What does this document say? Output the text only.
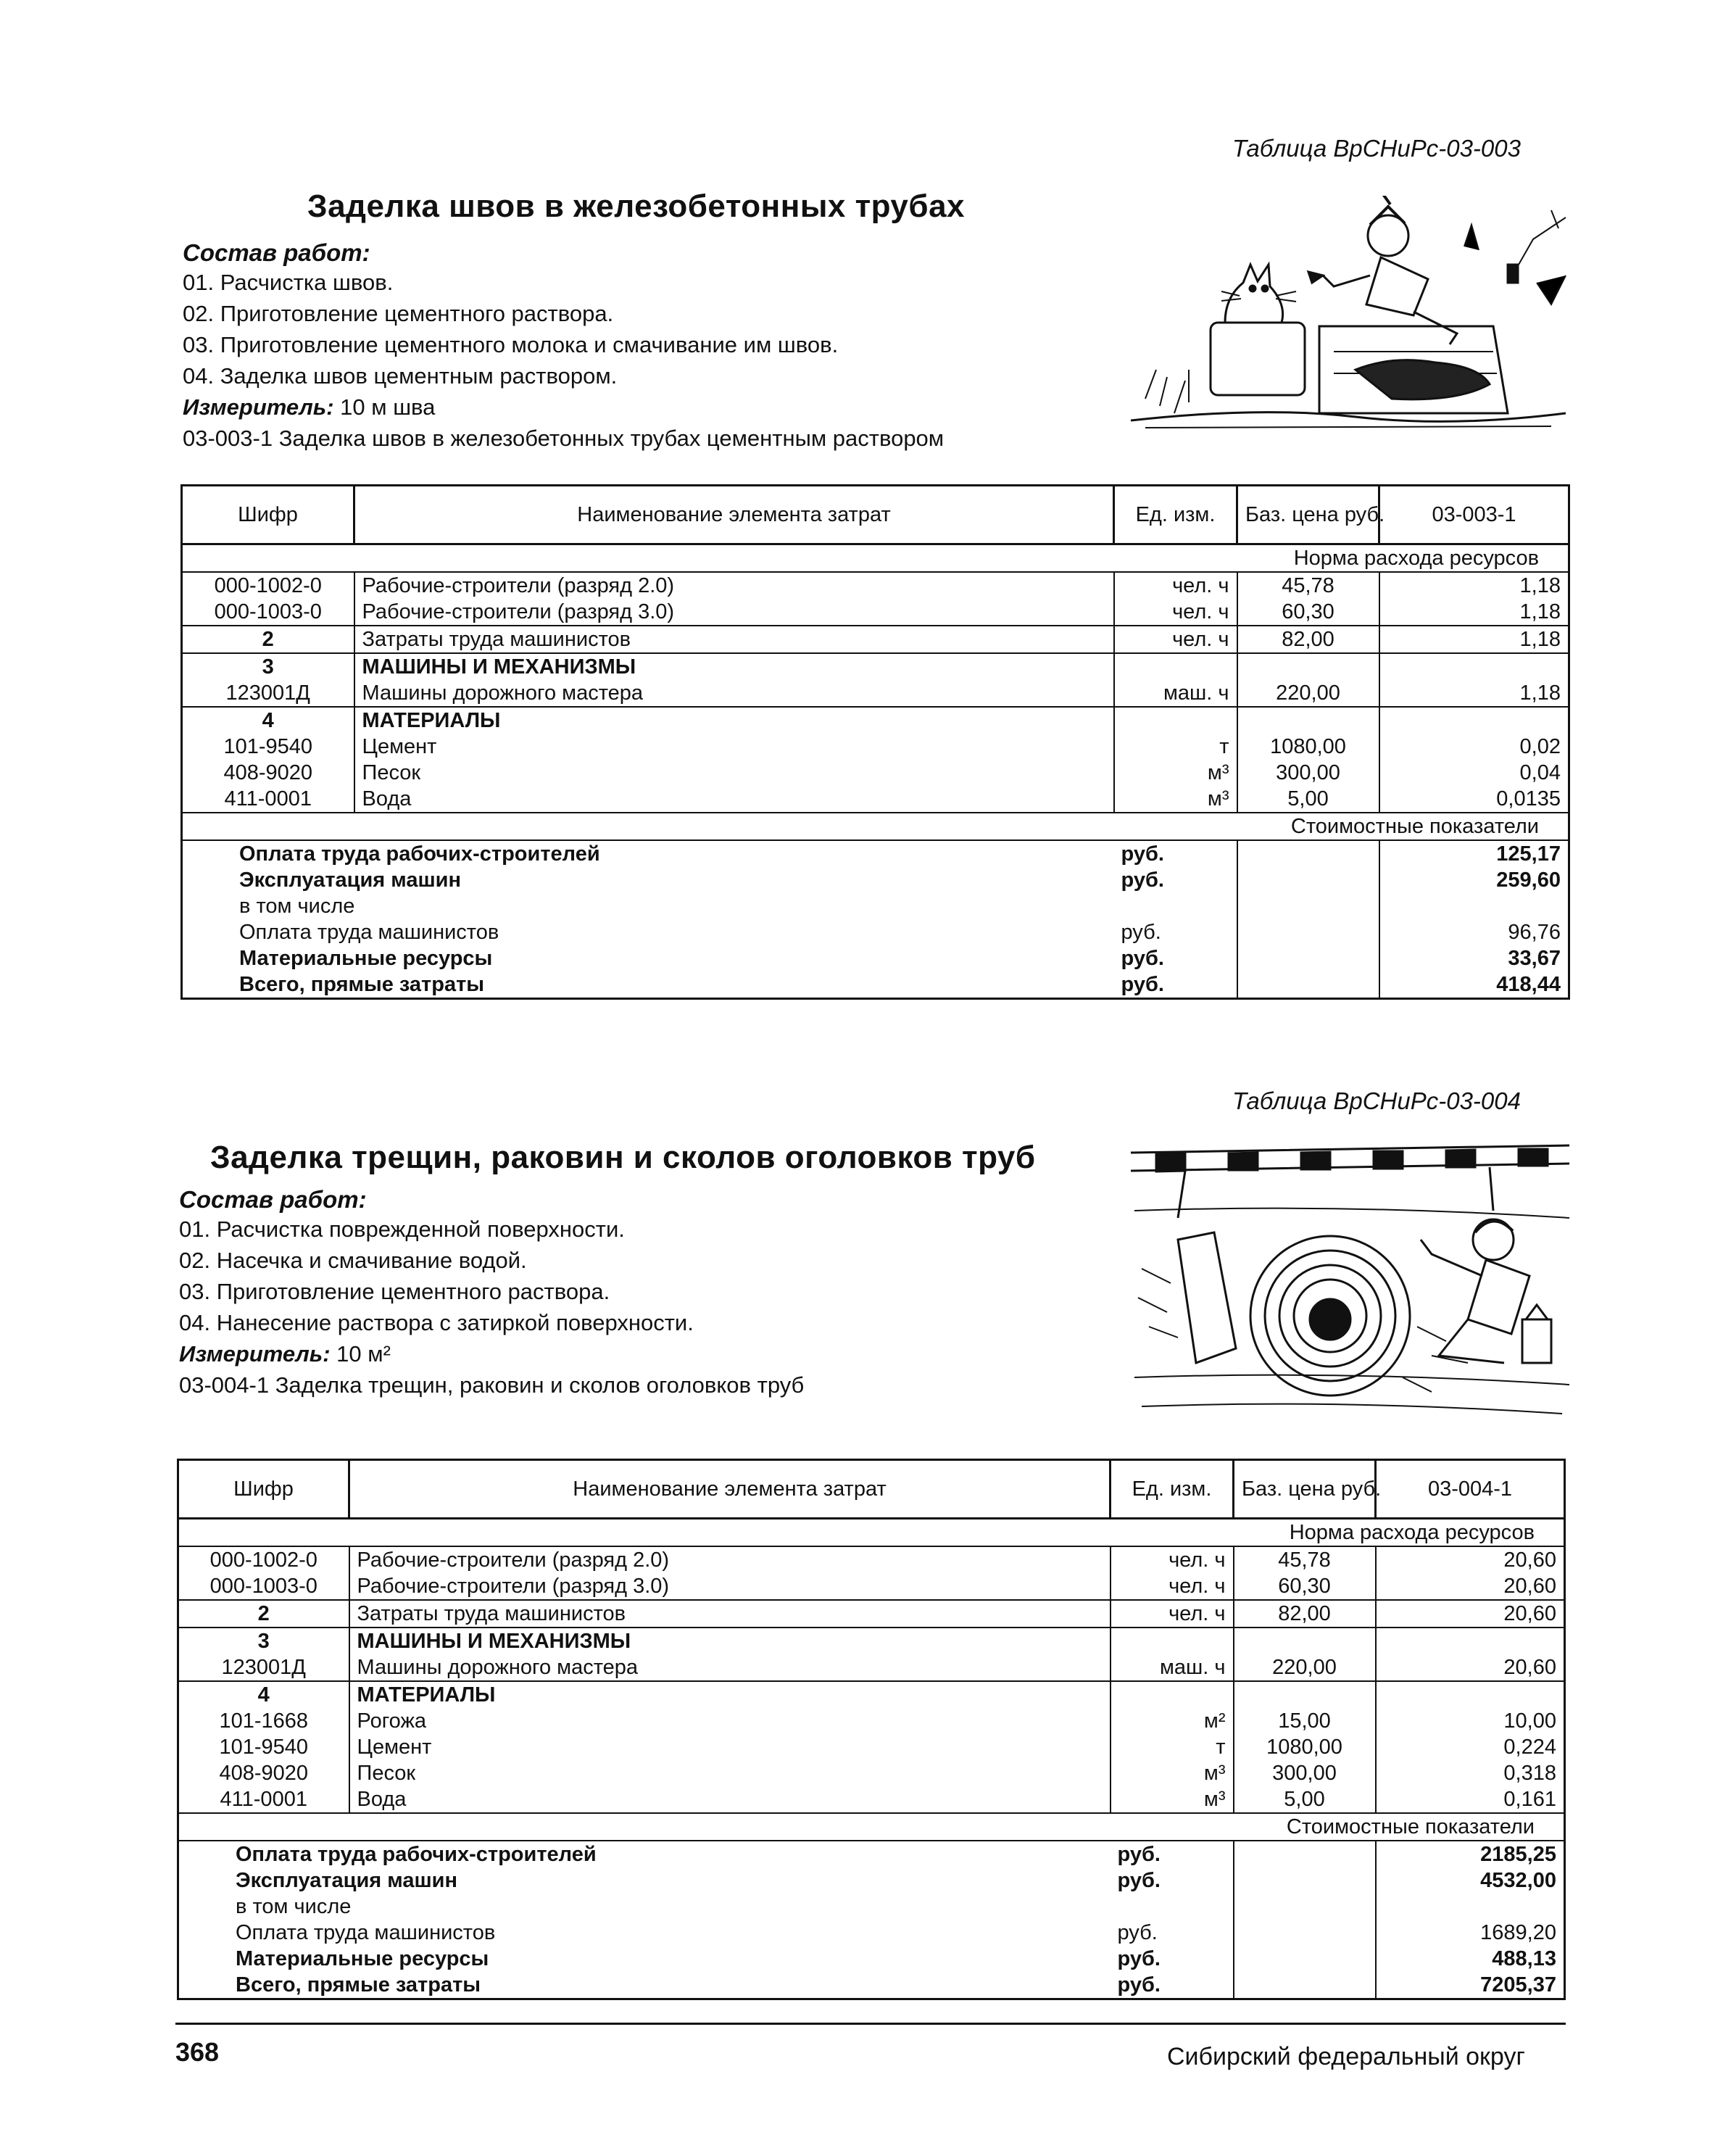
Таблица ВрСНиРс-03-003
Заделка швов в железобетонных трубах
Состав работ:
01. Расчистка швов.
02. Приготовление цементного раствора.
03. Приготовление цементного молока и смачивание им швов.
04. Заделка швов цементным раствором.
Измеритель: 10 м шва
03-003-1 Заделка швов в железобетонных трубах цементным раствором
Шифр	Наименование элемента затрат	Ед. изм.	Баз. цена руб.	03-003-1
Норма расхода ресурсов				
000-1002-0	Рабочие-строители (разряд 2.0)	чел. ч	45,78	1,18
000-1003-0	Рабочие-строители (разряд 3.0)	чел. ч	60,30	1,18
2	Затраты труда машинистов	чел. ч	82,00	1,18
3	МАШИНЫ И МЕХАНИЗМЫ			
123001Д	Машины дорожного мастера	маш. ч	220,00	1,18
4	МАТЕРИАЛЫ			
101-9540	Цемент	т	1080,00	0,02
408-9020	Песок	м³	300,00	0,04
411-0001	Вода	м³	5,00	0,0135
Стоимостные показатели				
Оплата труда рабочих-строителей		руб.		125,17
Эксплуатация машин		руб.		259,60
в том числе				
Оплата труда машинистов		руб.		96,76
Материальные ресурсы		руб.		33,67
Всего, прямые затраты		руб.		418,44
Таблица ВрСНиРс-03-004
Заделка трещин, раковин и сколов оголовков труб
Состав работ:
01. Расчистка поврежденной поверхности.
02. Насечка и смачивание водой.
03. Приготовление цементного раствора.
04. Нанесение раствора с затиркой поверхности.
Измеритель: 10 м²
03-004-1 Заделка трещин, раковин и сколов оголовков труб
Шифр	Наименование элемента затрат	Ед. изм.	Баз. цена руб.	03-004-1
Норма расхода ресурсов				
000-1002-0	Рабочие-строители (разряд 2.0)	чел. ч	45,78	20,60
000-1003-0	Рабочие-строители (разряд 3.0)	чел. ч	60,30	20,60
2	Затраты труда машинистов	чел. ч	82,00	20,60
3	МАШИНЫ И МЕХАНИЗМЫ			
123001Д	Машины дорожного мастера	маш. ч	220,00	20,60
4	МАТЕРИАЛЫ			
101-1668	Рогожа	м²	15,00	10,00
101-9540	Цемент	т	1080,00	0,224
408-9020	Песок	м³	300,00	0,318
411-0001	Вода	м³	5,00	0,161
Стоимостные показатели				
Оплата труда рабочих-строителей		руб.		2185,25
Эксплуатация машин		руб.		4532,00
в том числе				
Оплата труда машинистов		руб.		1689,20
Материальные ресурсы		руб.		488,13
Всего, прямые затраты		руб.		7205,37
368	Сибирский федеральный округ
